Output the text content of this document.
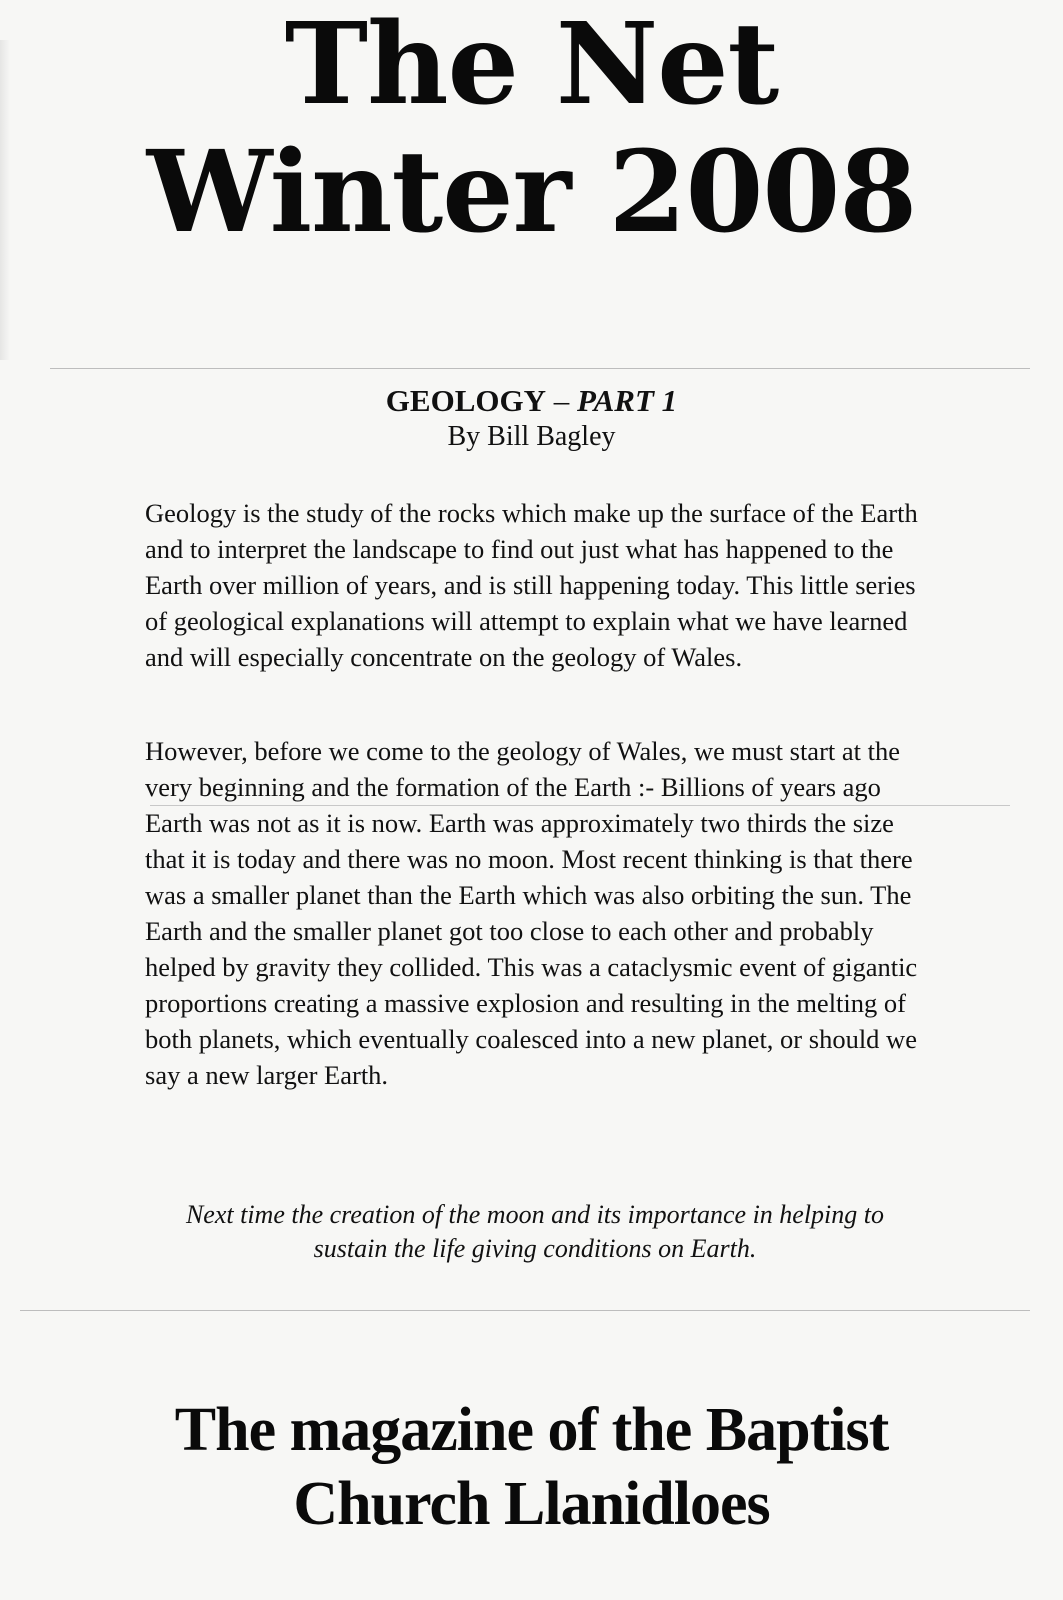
The Net
Winter 2008
GEOLOGY – PART 1
By Bill Bagley

Geology is the study of the rocks which make up the surface of the Earth and to interpret the landscape to find out just what has happened to the Earth over million of years, and is still happening today. This little series of geological explanations will attempt to explain what we have learned and will especially concentrate on the geology of Wales.

However, before we come to the geology of Wales, we must start at the very beginning and the formation of the Earth :- Billions of years ago Earth was not as it is now. Earth was approximately two thirds the size that it is today and there was no moon. Most recent thinking is that there was a smaller planet than the Earth which was also orbiting the sun. The Earth and the smaller planet got too close to each other and probably helped by gravity they collided. This was a cataclysmic event of gigantic proportions creating a massive explosion and resulting in the melting of both planets, which eventually coalesced into a new planet, or should we say a new larger Earth.

Next time the creation of the moon and its importance in helping to sustain the life giving conditions on Earth.

The magazine of the Baptist
Church Llanidloes
